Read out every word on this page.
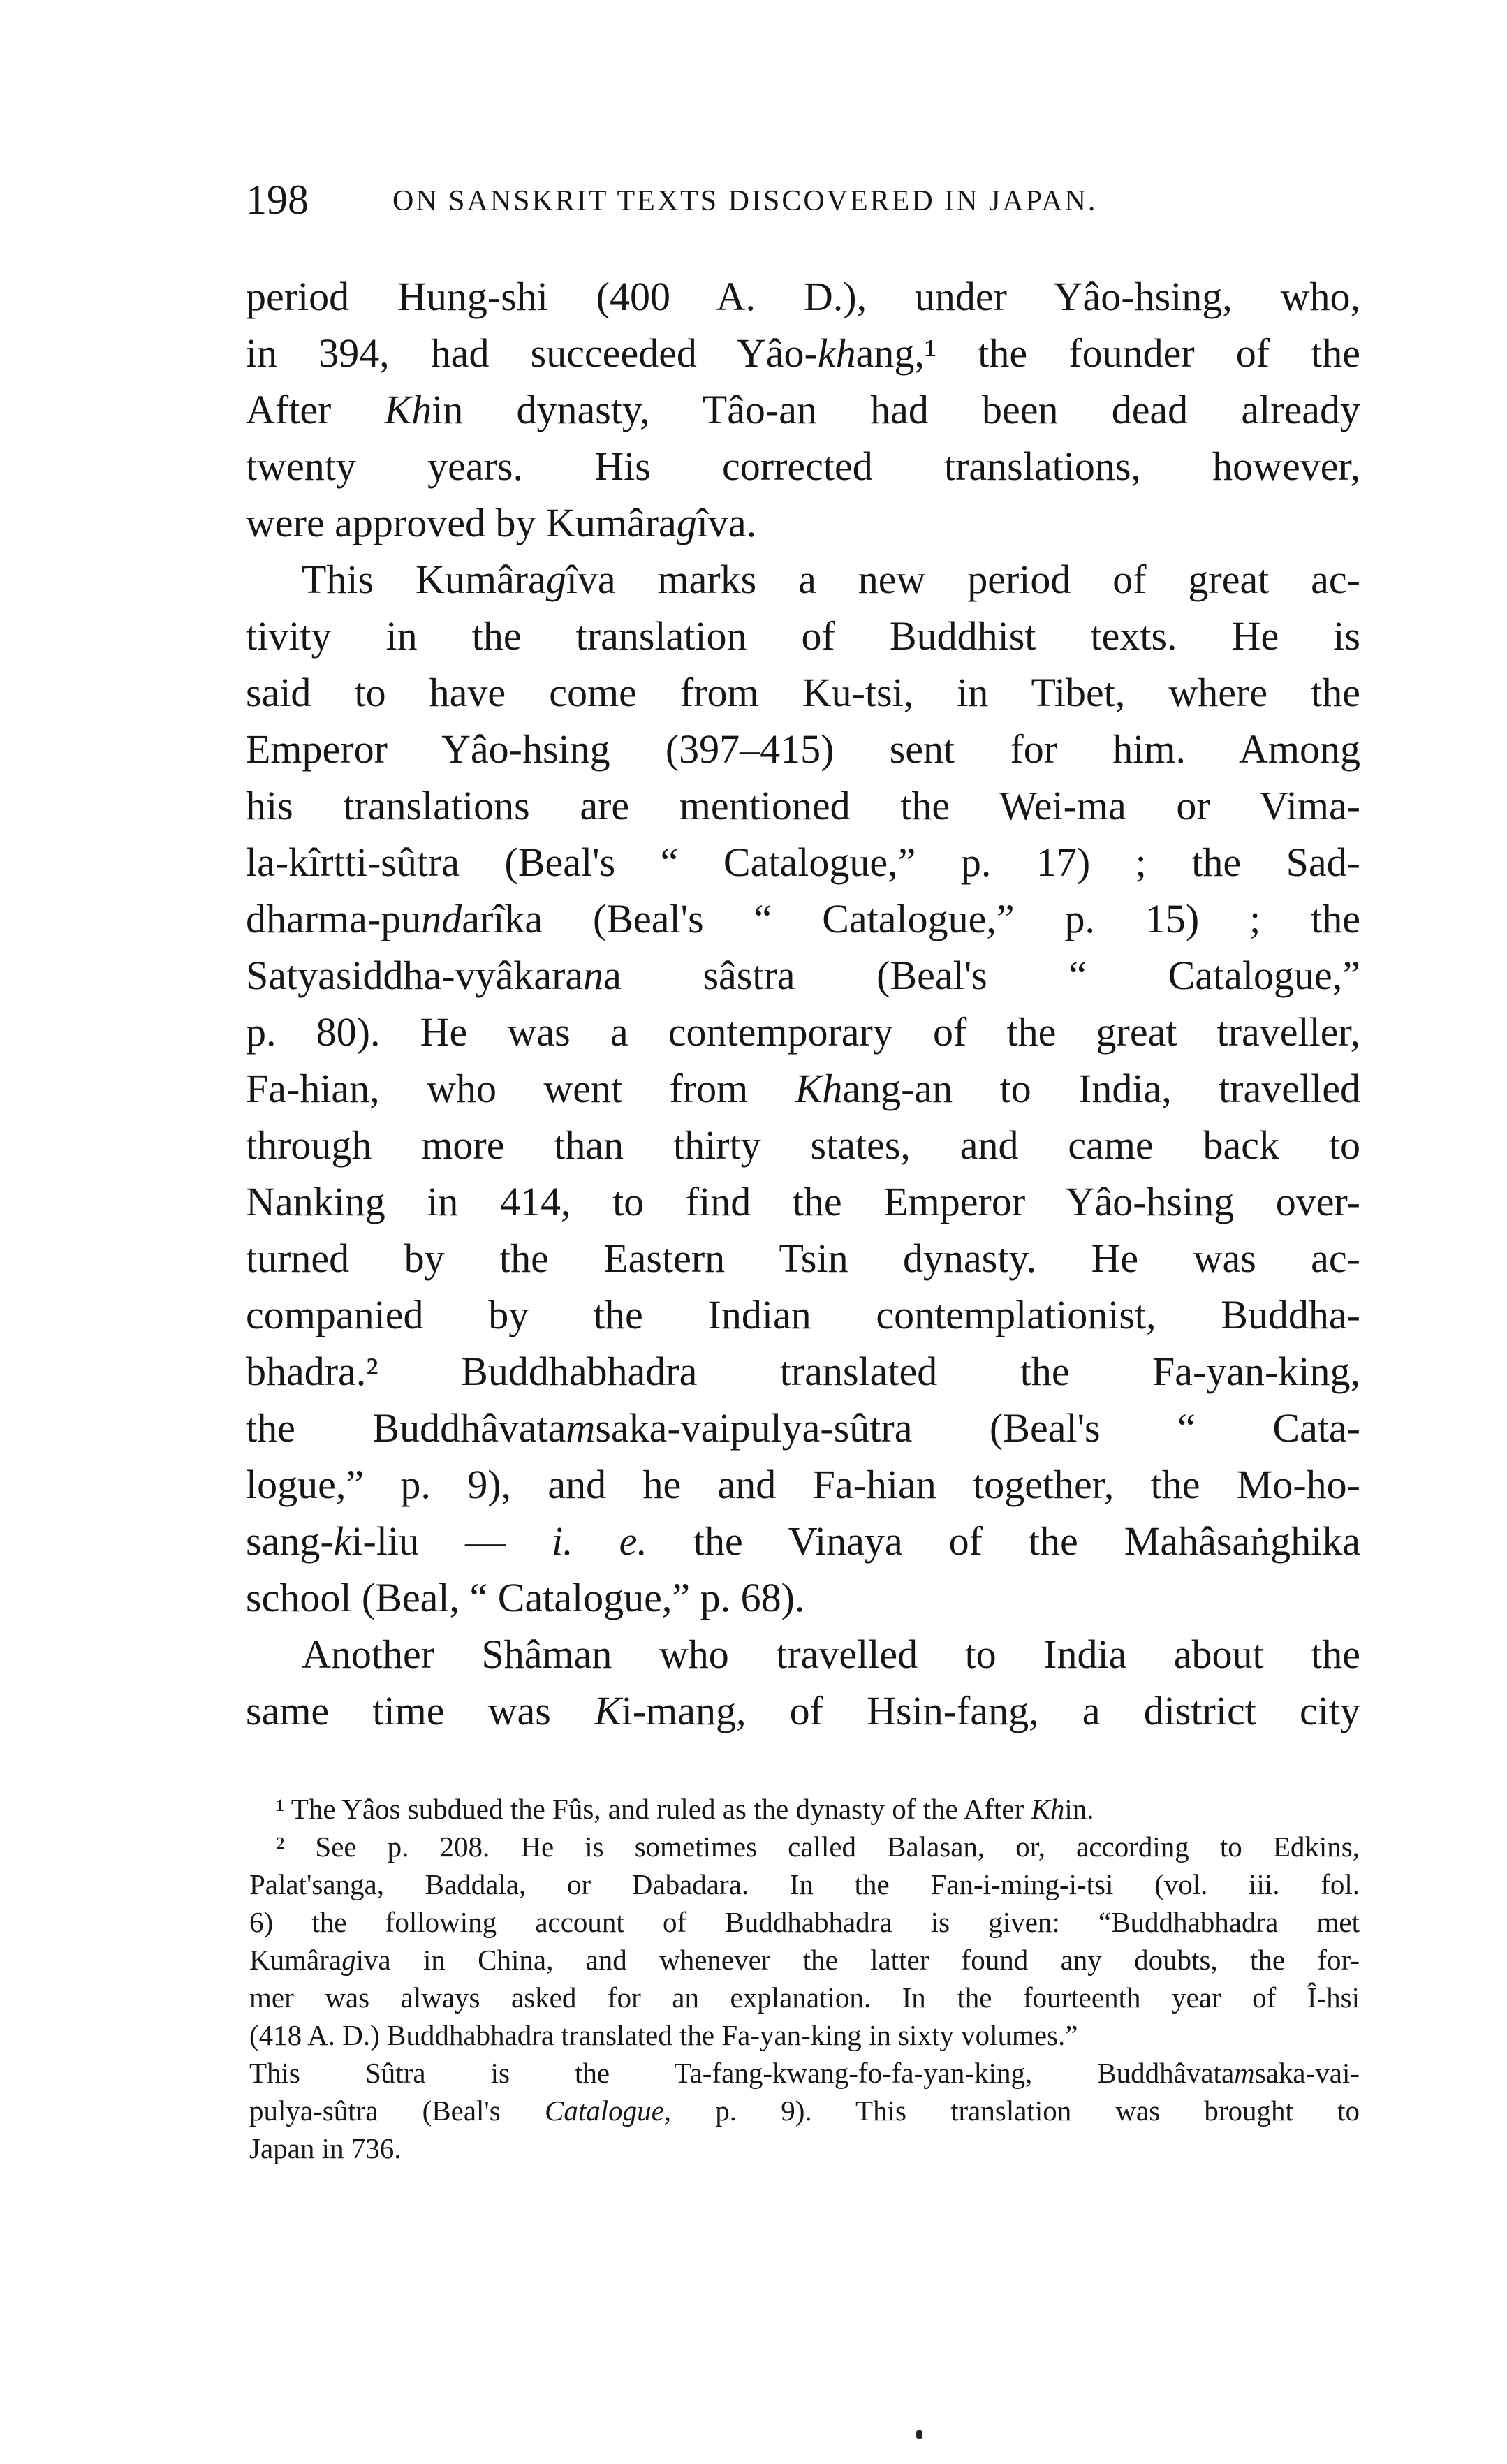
198	ON SANSKRIT TEXTS DISCOVERED IN JAPAN.
period Hung-shi (400 A. D.), under Yâo-hsing, who,
in 394, had succeeded Yâo-khang,¹ the founder of the
After Khin dynasty, Tâo-an had been dead already
twenty years. His corrected translations, however,
were approved by Kumâragîva.
This Kumâragîva marks a new period of great ac-
tivity in the translation of Buddhist texts. He is
said to have come from Ku-tsi, in Tibet, where the
Emperor Yâo-hsing (397–415) sent for him. Among
his translations are mentioned the Wei-ma or Vima-
la-kîrtti-sûtra (Beal's “ Catalogue,” p. 17) ; the Sad-
dharma-pundarîka (Beal's “ Catalogue,” p. 15) ; the
Satyasiddha-vyâkarana sâstra (Beal's “ Catalogue,”
p. 80). He was a contemporary of the great traveller,
Fa-hian, who went from Khang-an to India, travelled
through more than thirty states, and came back to
Nanking in 414, to find the Emperor Yâo-hsing over-
turned by the Eastern Tsin dynasty. He was ac-
companied by the Indian contemplationist, Buddha-
bhadra.² Buddhabhadra translated the Fa-yan-king,
the Buddhâvatamsaka-vaipulya-sûtra (Beal's “ Cata-
logue,” p. 9), and he and Fa-hian together, the Mo-ho-
sang-ki-liu — i. e. the Vinaya of the Mahâsaṅghika
school (Beal, “ Catalogue,” p. 68).
Another Shâman who travelled to India about the
same time was Ki-mang, of Hsin-fang, a district city
¹ The Yâos subdued the Fûs, and ruled as the dynasty of the After Khin.
² See p. 208. He is sometimes called Balasan, or, according to Edkins,
Palat'sanga, Baddala, or Dabadara. In the Fan-i-ming-i-tsi (vol. iii. fol.
6) the following account of Buddhabhadra is given: “Buddhabhadra met
Kumâragiva in China, and whenever the latter found any doubts, the for-
mer was always asked for an explanation. In the fourteenth year of Î-hsi
(418 A. D.) Buddhabhadra translated the Fa-yan-king in sixty volumes.”
This Sûtra is the Ta-fang-kwang-fo-fa-yan-king, Buddhâvatamsaka-vai-
pulya-sûtra (Beal's Catalogue, p. 9). This translation was brought to
Japan in 736.
